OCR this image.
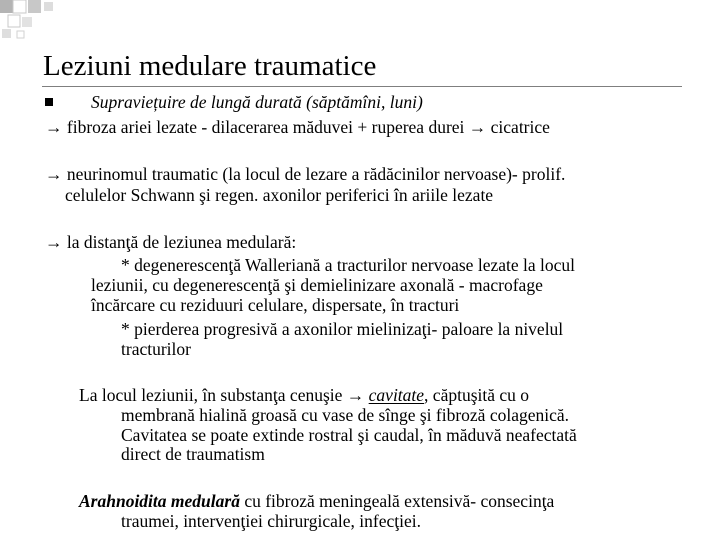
Leziuni medulare traumatice
Supraviețuire de lungă durată (săptămîni, luni)
→ fibroza ariei lezate - dilacerarea măduvei + ruperea durei → cicatrice
→ neurinomul traumatic (la locul de lezare a rădăcinilor nervoase)- prolif.
celulelor Schwann şi regen. axonilor periferici în ariile lezate
→ la distanţă de leziunea medulară:
* degenerescenţă Walleriană a tracturilor nervoase lezate la locul
leziunii, cu degenerescenţă şi demielinizare axonală - macrofage
încărcare cu reziduuri celulare, dispersate, în tracturi
* pierderea progresivă a axonilor mielinizaţi- paloare la nivelul
tracturilor
La locul leziunii, în substanţa cenuşie → cavitate, căptuşită cu o
membrană hialină groasă cu vase de sînge şi fibroză colagenică.
Cavitatea se poate extinde rostral şi caudal, în măduvă neafectată
direct de traumatism
Arahnoidita medulară cu fibroză meningeală extensivă- consecinţa
traumei, intervenţiei chirurgicale, infecţiei.
